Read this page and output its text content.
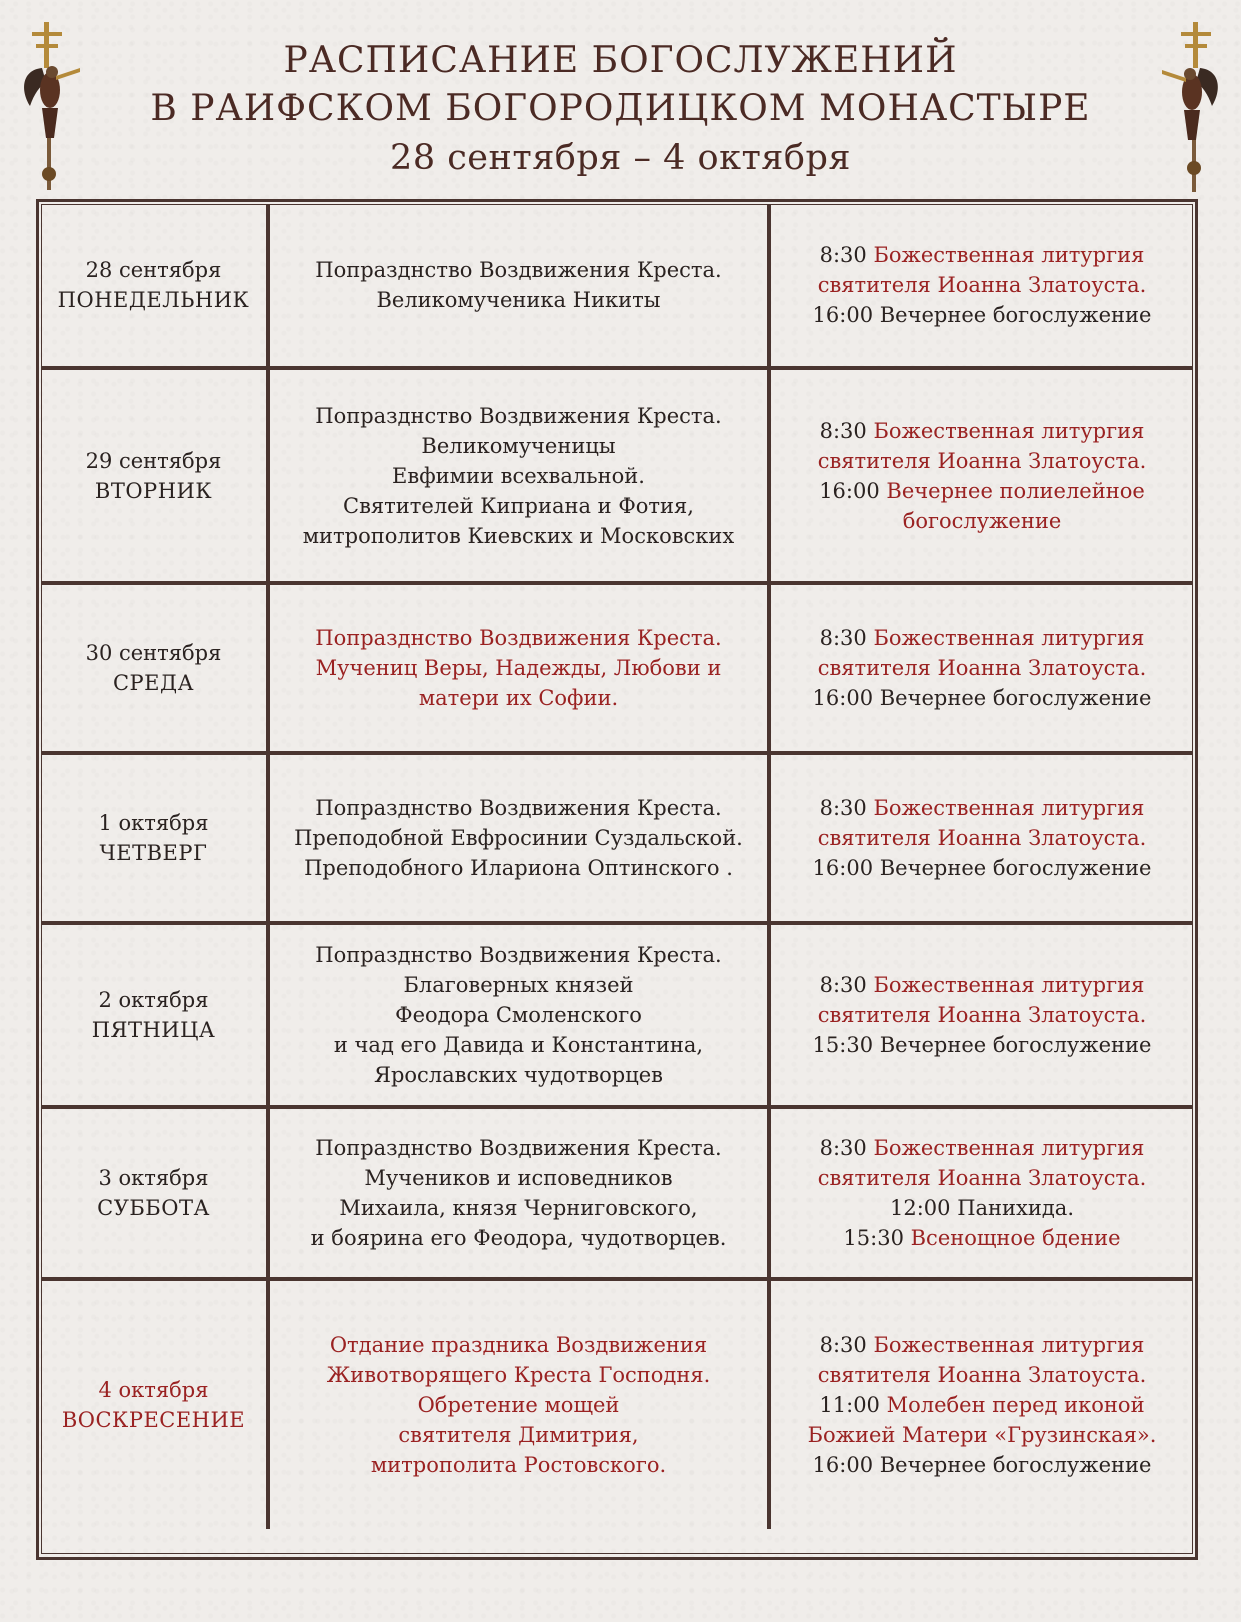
РАСПИСАНИЕ БОГОСЛУЖЕНИЙ
В РАИФСКОМ БОГОРОДИЦКОМ МОНАСТЫРЕ
28 сентября – 4 октября
28 сентября
ПОНЕДЕЛЬНИК
Попразднство Воздвижения Креста.
Великомученика Никиты
8:30 Божественная литургия
святителя Иоанна Златоуста.
16:00 Вечернее богослужение
29 сентября
ВТОРНИК
Попразднство Воздвижения Креста.
Великомученицы
Евфимии всехвальной.
Святителей Киприана и Фотия,
митрополитов Киевских и Московских
8:30 Божественная литургия
святителя Иоанна Златоуста.
16:00 Вечернее полиелейное
богослужение
30 сентября
СРЕДА
Попразднство Воздвижения Креста.
Мучениц Веры, Надежды, Любови и
матери их Софии.
8:30 Божественная литургия
святителя Иоанна Златоуста.
16:00 Вечернее богослужение
1 октября
ЧЕТВЕРГ
Попразднство Воздвижения Креста.
Преподобной Евфросинии Суздальской.
Преподобного Илариона Оптинского .
8:30 Божественная литургия
святителя Иоанна Златоуста.
16:00 Вечернее богослужение
2 октября
ПЯТНИЦА
Попразднство Воздвижения Креста.
Благоверных князей
Феодора Смоленского
и чад его Давида и Константина,
Ярославских чудотворцев
8:30 Божественная литургия
святителя Иоанна Златоуста.
15:30 Вечернее богослужение
3 октября
СУББОТА
Попразднство Воздвижения Креста.
Мучеников и исповедников
Михаила, князя Черниговского,
и боярина его Феодора, чудотворцев.
8:30 Божественная литургия
святителя Иоанна Златоуста.
12:00 Панихида.
15:30 Всенощное бдение
4 октября
ВОСКРЕСЕНИЕ
Отдание праздника Воздвижения
Животворящего Креста Господня.
Обретение мощей
святителя Димитрия,
митрополита Ростовского.
8:30 Божественная литургия
святителя Иоанна Златоуста.
11:00 Молебен перед иконой
Божией Матери «Грузинская».
16:00 Вечернее богослужение
